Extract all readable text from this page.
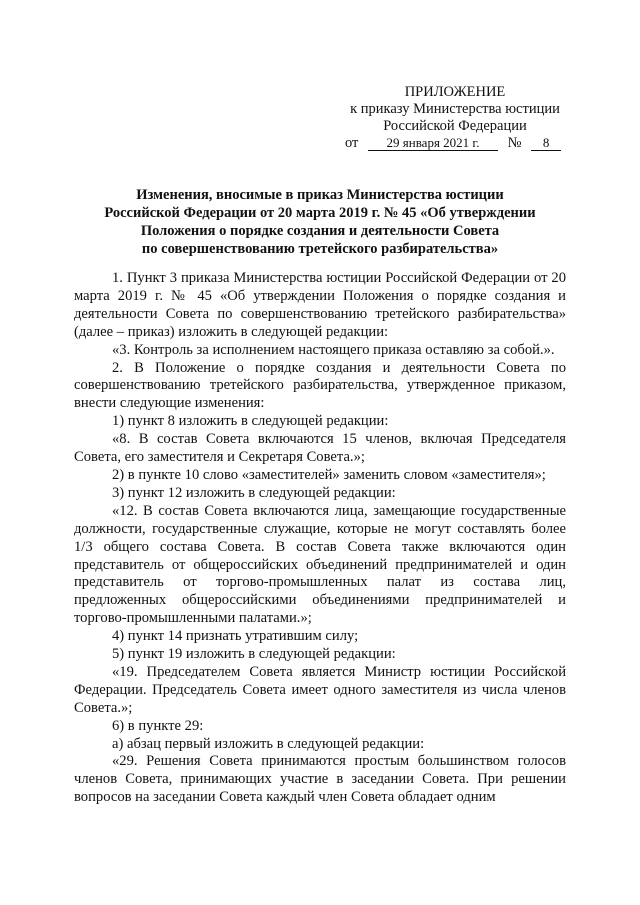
ПРИЛОЖЕНИЕ
к приказу Министерства юстиции
Российской Федерации
от 29 января 2021 г. № 8
Изменения, вносимые в приказ Министерства юстиции
Российской Федерации от 20 марта 2019 г. № 45 «Об утверждении
Положения о порядке создания и деятельности Совета
по совершенствованию третейского разбирательства»

1. Пункт 3 приказа Министерства юстиции Российской Федерации от 20 марта 2019 г. № 45 «Об утверждении Положения о порядке создания и деятельности Совета по совершенствованию третейского разбирательства» (далее – приказ) изложить в следующей редакции:

«3. Контроль за исполнением настоящего приказа оставляю за собой.».

2. В Положение о порядке создания и деятельности Совета по совершенствованию третейского разбирательства, утвержденное приказом, внести следующие изменения:

1) пункт 8 изложить в следующей редакции:

«8. В состав Совета включаются 15 членов, включая Председателя Совета, его заместителя и Секретаря Совета.»;

2) в пункте 10 слово «заместителей» заменить словом «заместителя»;

3) пункт 12 изложить в следующей редакции:

«12. В состав Совета включаются лица, замещающие государственные должности, государственные служащие, которые не могут составлять более 1/3 общего состава Совета. В состав Совета также включаются один представитель от общероссийских объединений предпринимателей и один представитель от торгово-промышленных палат из состава лиц, предложенных общероссийскими объединениями предпринимателей и торгово-промышленными палатами.»;

4) пункт 14 признать утратившим силу;

5) пункт 19 изложить в следующей редакции:

«19. Председателем Совета является Министр юстиции Российской Федерации. Председатель Совета имеет одного заместителя из числа членов Совета.»;

6) в пункте 29:

а) абзац первый изложить в следующей редакции:

«29. Решения Совета принимаются простым большинством голосов членов Совета, принимающих участие в заседании Совета. При решении вопросов на заседании Совета каждый член Совета обладает одним
